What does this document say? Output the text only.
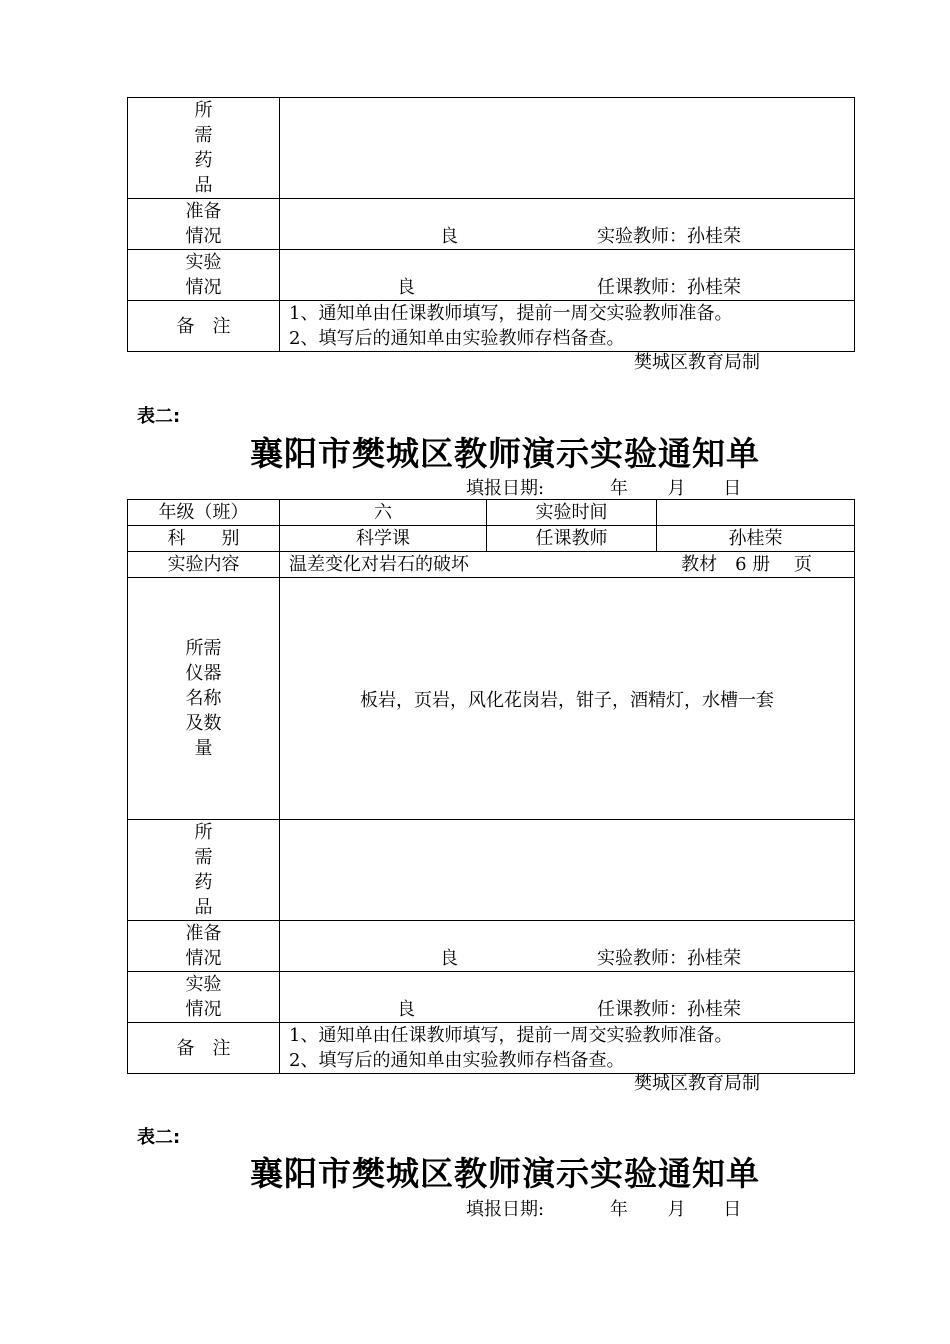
所
需
药
品	

准备
情况	良 实验教师：孙桂荣

实验
情况	良 任课教师：孙桂荣

备　注	1、通知单由任课教师填写，提前一周交实验教师准备。
2、填写后的通知单由实验教师存档备查。
樊城区教育局制
表二:
襄阳市樊城区教师演示实验通知单
填报日期:	年 月 日
年级（班）	六	实验时间	
科　　别	科学课	任课教师	孙桂荣
实验内容	温差变化对岩石的破坏 教材　6 册　 页		

所需
仪器
名称
及数
量	板岩，页岩，风化花岗岩，钳子，酒精灯，水槽一套		

所
需
药
品			

准备
情况	良 实验教师：孙桂荣		

实验
情况	良 任课教师：孙桂荣		

备　注	1、通知单由任课教师填写，提前一周交实验教师准备。
2、填写后的通知单由实验教师存档备查。		
樊城区教育局制
表二:
襄阳市樊城区教师演示实验通知单
填报日期:	年 月 日
